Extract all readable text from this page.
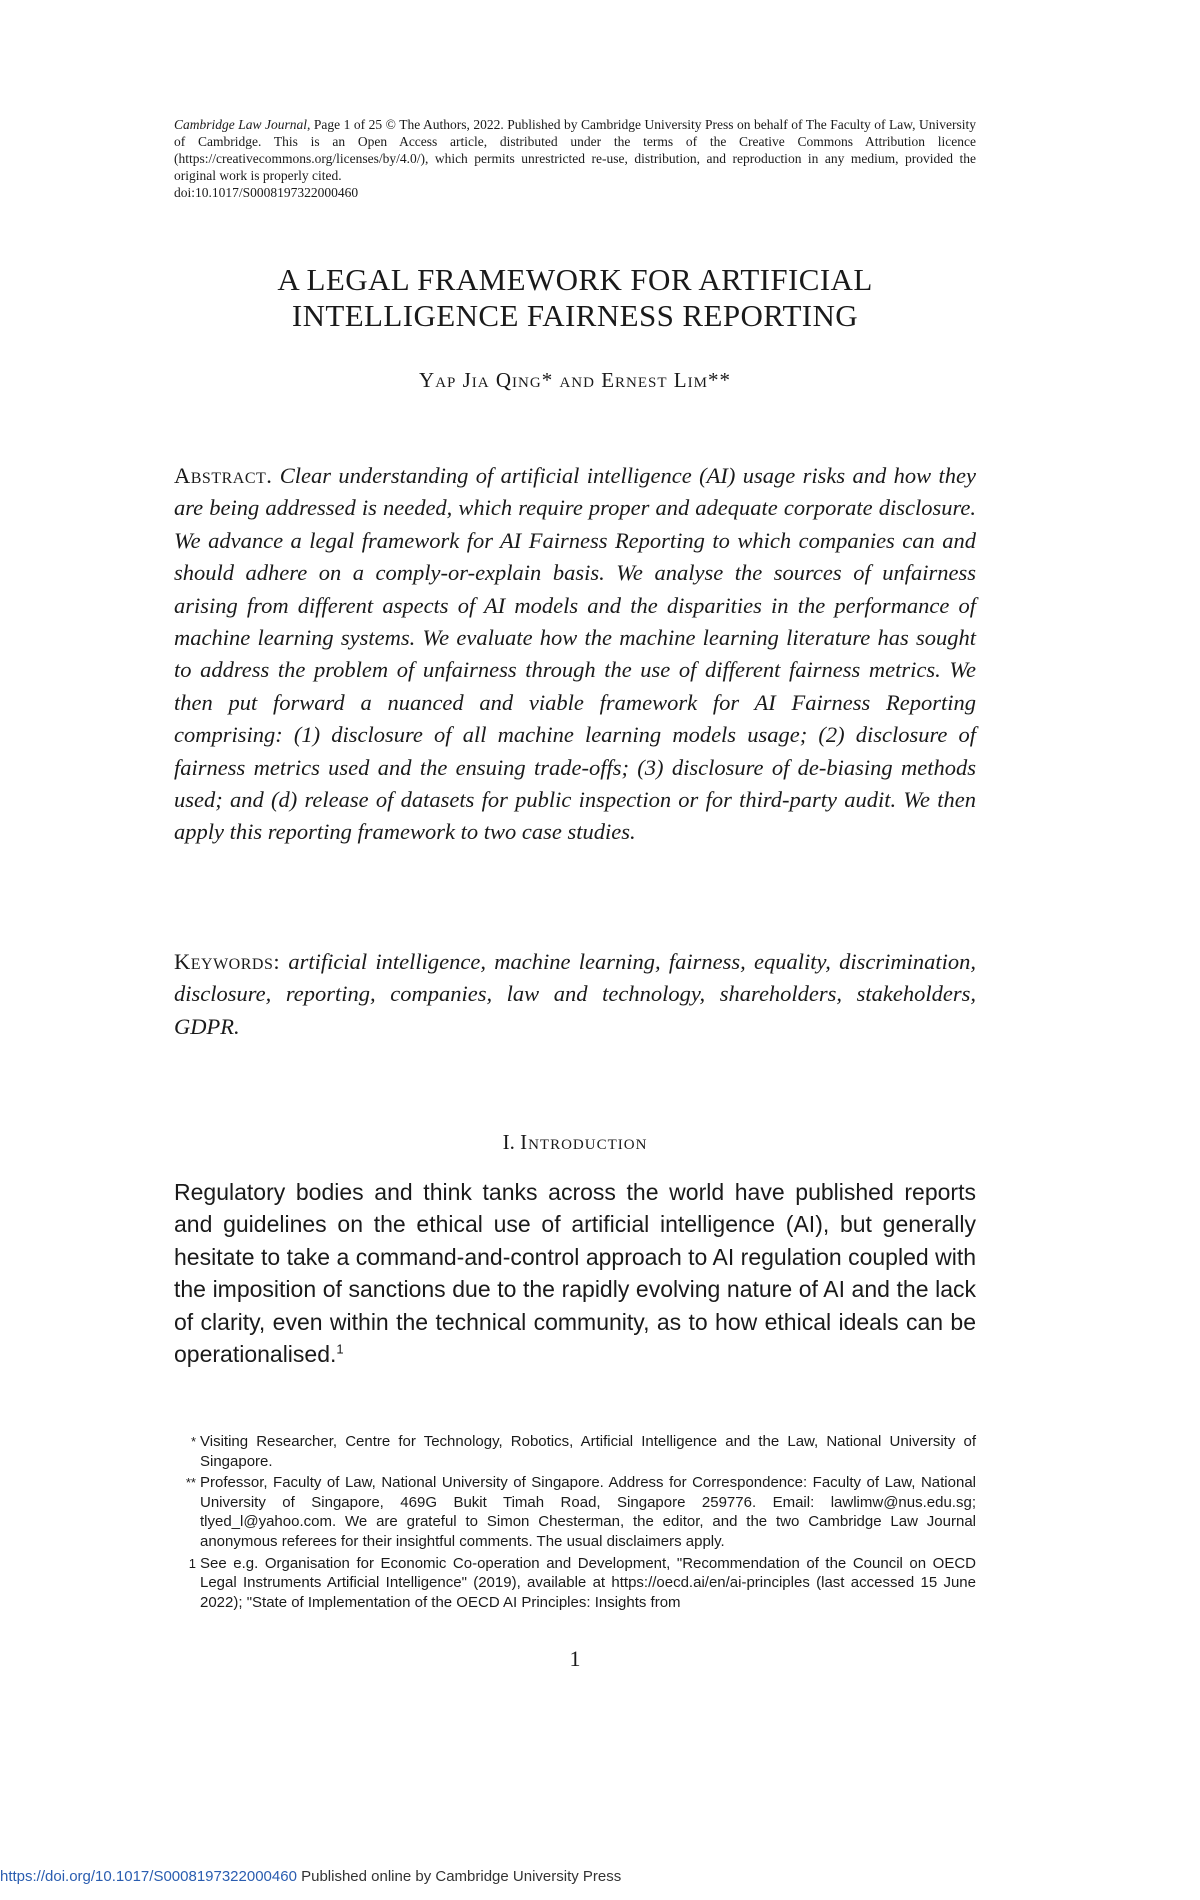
Cambridge Law Journal, Page 1 of 25 © The Authors, 2022. Published by Cambridge University Press on behalf of The Faculty of Law, University of Cambridge. This is an Open Access article, distributed under the terms of the Creative Commons Attribution licence (https://creativecommons.org/licenses/by/4.0/), which permits unrestricted re-use, distribution, and reproduction in any medium, provided the original work is properly cited.
doi:10.1017/S0008197322000460
A LEGAL FRAMEWORK FOR ARTIFICIAL
INTELLIGENCE FAIRNESS REPORTING
Yap Jia Qing* and Ernest Lim**
Abstract. Clear understanding of artificial intelligence (AI) usage risks and how they are being addressed is needed, which require proper and adequate corporate disclosure. We advance a legal framework for AI Fairness Reporting to which companies can and should adhere on a comply-or-explain basis. We analyse the sources of unfairness arising from different aspects of AI models and the disparities in the performance of machine learning systems. We evaluate how the machine learning literature has sought to address the problem of unfairness through the use of different fairness metrics. We then put forward a nuanced and viable framework for AI Fairness Reporting comprising: (1) disclosure of all machine learning models usage; (2) disclosure of fairness metrics used and the ensuing trade-offs; (3) disclosure of de-biasing methods used; and (d) release of datasets for public inspection or for third-party audit. We then apply this reporting framework to two case studies.
Keywords: artificial intelligence, machine learning, fairness, equality, discrimination, disclosure, reporting, companies, law and technology, shareholders, stakeholders, GDPR.
I. Introduction
Regulatory bodies and think tanks across the world have published reports and guidelines on the ethical use of artificial intelligence (AI), but generally hesitate to take a command-and-control approach to AI regulation coupled with the imposition of sanctions due to the rapidly evolving nature of AI and the lack of clarity, even within the technical community, as to how ethical ideals can be operationalised.$^1$
* Visiting Researcher, Centre for Technology, Robotics, Artificial Intelligence and the Law, National University of Singapore.
** Professor, Faculty of Law, National University of Singapore. Address for Correspondence: Faculty of Law, National University of Singapore, 469G Bukit Timah Road, Singapore 259776. Email: lawlimw@nus.edu.sg; tlyed_l@yahoo.com. We are grateful to Simon Chesterman, the editor, and the two Cambridge Law Journal anonymous referees for their insightful comments. The usual disclaimers apply.
1 See e.g. Organisation for Economic Co-operation and Development, "Recommendation of the Council on OECD Legal Instruments Artificial Intelligence" (2019), available at https://oecd.ai/en/ai-principles (last accessed 15 June 2022); "State of Implementation of the OECD AI Principles: Insights from
1
https://doi.org/10.1017/S0008197322000460 Published online by Cambridge University Press
